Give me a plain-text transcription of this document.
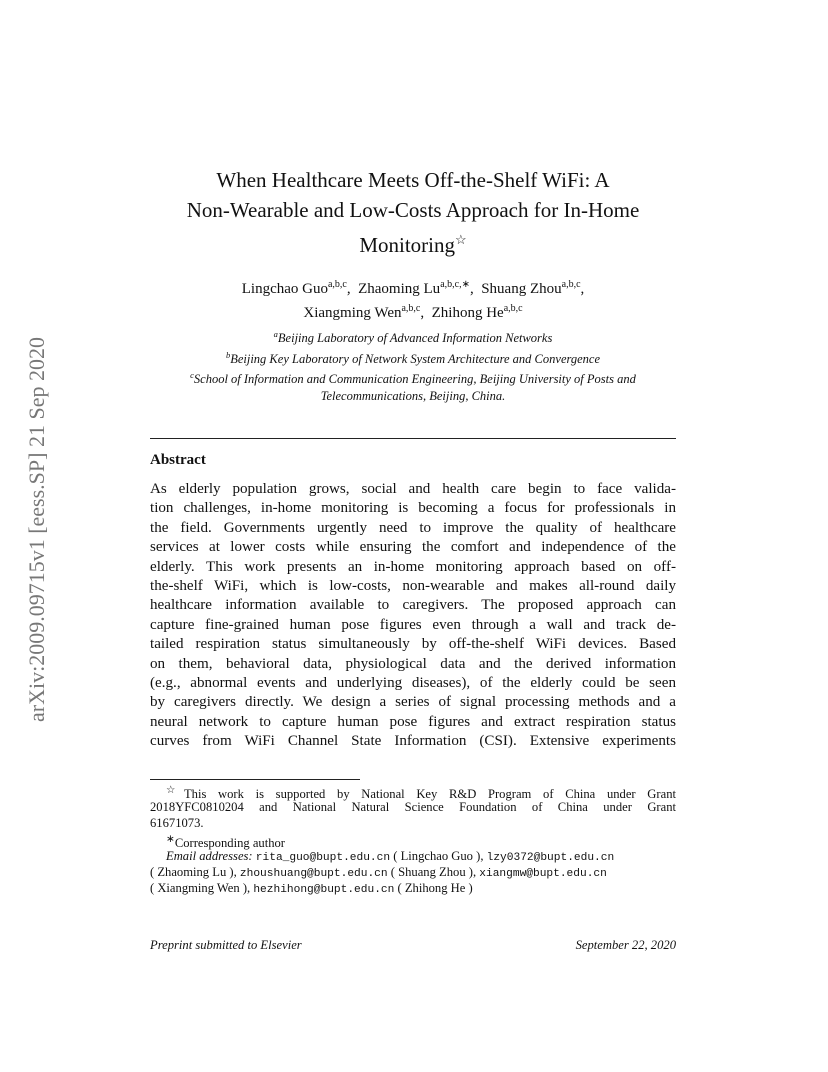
arXiv:2009.09715v1 [eess.SP] 21 Sep 2020
When Healthcare Meets Off-the-Shelf WiFi: A
Non-Wearable and Low-Costs Approach for In-Home
Monitoring☆
Lingchao Guo$^{a,b,c}$,  Zhaoming $Lu^{a,b,c,∗}$,  Shuang Zhou$^{a,b,c}$,
Xiangming Wen$^{a,b,c}$,  Zhihong He$^{a,b,c}$
$^a$Beijing Laboratory of Advanced Information Networks
$^b$Beijing Key Laboratory of Network System Architecture and Convergence
$^c$School of Information and Communication Engineering, Beijing University of Posts and
Telecommunications, Beijing, China.
Abstract
As elderly population grows, social and health care begin to face valida-
tion challenges, in-home monitoring is becoming a focus for professionals in
the field. Governments urgently need to improve the quality of healthcare
services at lower costs while ensuring the comfort and independence of the
elderly. This work presents an in-home monitoring approach based on off-
the-shelf WiFi, which is low-costs, non-wearable and makes all-round daily
healthcare information available to caregivers. The proposed approach can
capture fine-grained human pose figures even through a wall and track de-
tailed respiration status simultaneously by off-the-shelf WiFi devices. Based
on them, behavioral data, physiological data and the derived information
(e.g., abnormal events and underlying diseases), of the elderly could be seen
by caregivers directly. We design a series of signal processing methods and a
neural network to capture human pose figures and extract respiration status
curves from WiFi Channel State Information (CSI). Extensive experiments
☆This work is supported by National Key R&D Program of China under Grant
2018YFC0810204 and National Natural Science Foundation of China under Grant
61671073.
∗Corresponding author
Email addresses: rita_guo@bupt.edu.cn ( Lingchao Guo ), lzy0372@bupt.edu.cn
( Zhaoming Lu ), zhoushuang@bupt.edu.cn ( Shuang Zhou ), xiangmw@bupt.edu.cn
( Xiangming Wen ), hezhihong@bupt.edu.cn ( Zhihong He )
Preprint submitted to Elsevier	September 22, 2020
